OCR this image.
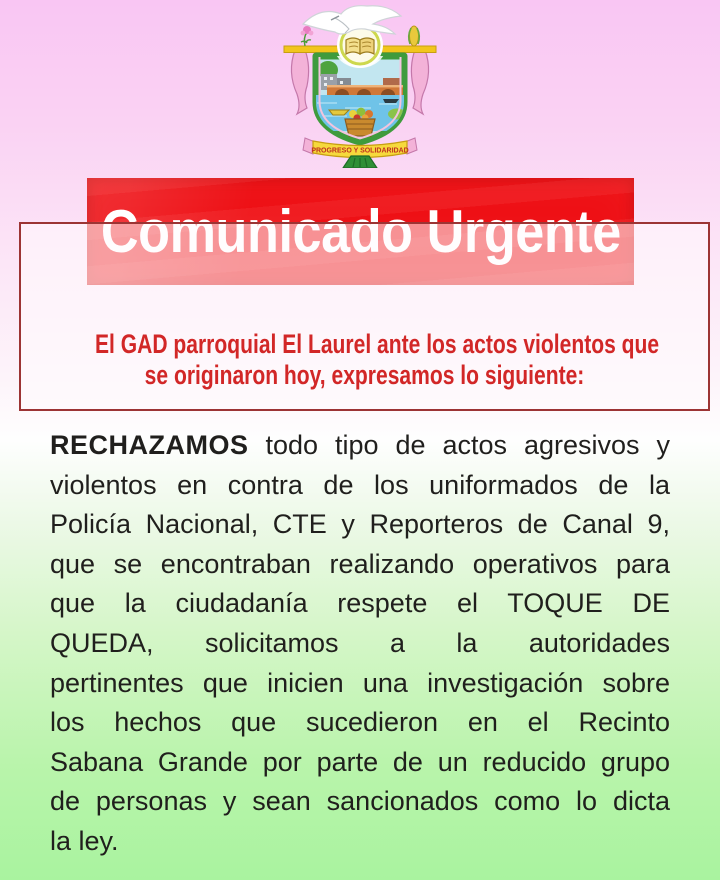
PROGRESO Y SOLIDARIDAD
El GAD parroquial El Laurel ante los actos violentos que
se originaron hoy, expresamos lo siguiente:
RECHAZAMOS todo tipo de actos agresivos y
violentos en contra de los uniformados de la
Policía Nacional, CTE y Reporteros de Canal 9,
que se encontraban realizando operativos para
que la ciudadanía respete el TOQUE DE
QUEDA, solicitamos a la autoridades
pertinentes que inicien una investigación sobre
los hechos que sucedieron en el Recinto
Sabana Grande por parte de un reducido grupo
de personas y sean sancionados como lo dicta
la ley.
